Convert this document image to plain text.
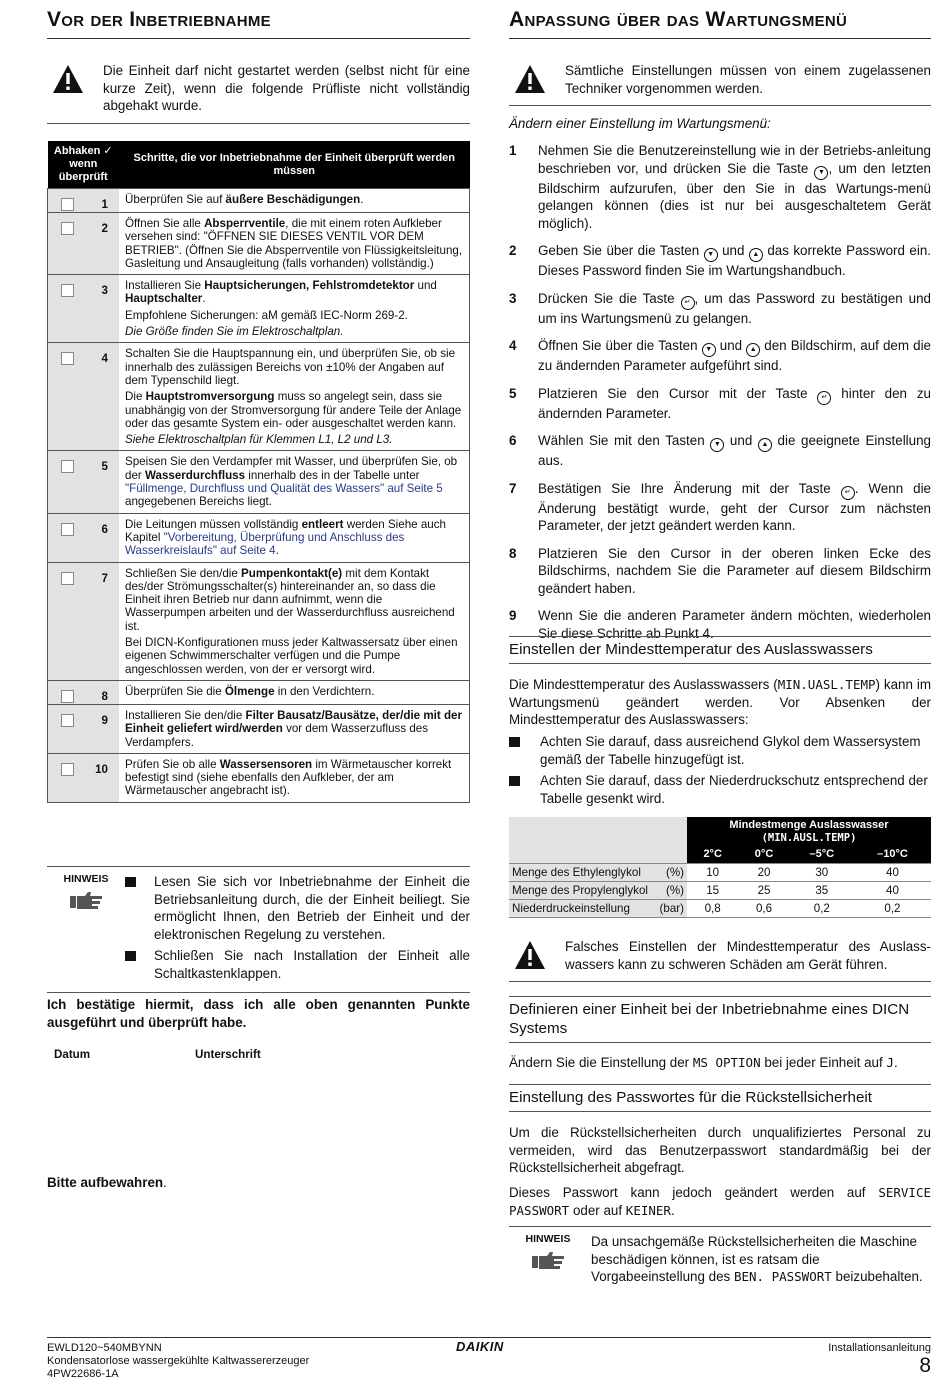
Vor der Inbetriebnahme
Die Einheit darf nicht gestartet werden (selbst nicht für eine kurze Zeit), wenn die folgende Prüfliste nicht vollständig abgehakt wurde.
Abhaken ✓ wenn überprüft	Schritte, die vor Inbetriebnahme der Einheit überprüft werden müssen

1	Überprüfen Sie auf äußere Beschädigungen.

2	Öffnen Sie alle Absperrventile, die mit einem roten Aufkleber versehen sind: "ÖFFNEN SIE DIESES VENTIL VOR DEM BETRIEB". (Öffnen Sie die Absperrventile von Flüssigkeitsleitung, Gasleitung und Ansaugleitung (falls vorhanden) vollständig.)

3	Installieren Sie Hauptsicherungen, Fehlstromdetektor und Hauptschalter.

Empfohlene Sicherungen: aM gemäß IEC-Norm 269-2.

Die Größe finden Sie im Elektroschaltplan.

4	Schalten Sie die Hauptspannung ein, und überprüfen Sie, ob sie innerhalb des zulässigen Bereichs von ±10% der Angaben auf dem Typenschild liegt.

Die Hauptstromversorgung muss so angelegt sein, dass sie unabhängig von der Stromversorgung für andere Teile der Anlage oder das gesamte System ein- oder ausgeschaltet werden kann.

Siehe Elektroschaltplan für Klemmen L1, L2 und L3.

5	Speisen Sie den Verdampfer mit Wasser, und überprüfen Sie, ob der Wasserdurchfluss innerhalb des in der Tabelle unter "Füllmenge, Durchfluss und Qualität des Wassers" auf Seite 5 angegebenen Bereichs liegt.

6	Die Leitungen müssen vollständig entleert werden Siehe auch Kapitel "Vorbereitung, Überprüfung und Anschluss des Wasserkreislaufs" auf Seite 4.

7	Schließen Sie den/die Pumpenkontakt(e) mit dem Kontakt des/der Strömungsschalter(s) hintereinander an, so dass die Einheit ihren Betrieb nur dann aufnimmt, wenn die Wasserpumpen arbeiten und der Wasserdurchfluss ausreichend ist.

Bei DICN-Konfigurationen muss jeder Kaltwassersatz über einen eigenen Schwimmerschalter verfügen und die Pumpe angeschlossen werden, von der er versorgt wird.

8	Überprüfen Sie die Ölmenge in den Verdichtern.

9	Installieren Sie den/die Filter Bausatz/Bausätze, der/die mit der Einheit geliefert wird/werden vor dem Wasserzufluss des Verdampfers.

10	Prüfen Sie ob alle Wassersensoren im Wärmetauscher korrekt befestigt sind (siehe ebenfalls den Aufkleber, der am Wärmetauscher angebracht ist).

HINWEIS	Lesen Sie sich vor Inbetriebnahme der Einheit die Betriebsanleitung durch, die der Einheit beiliegt. Sie ermöglicht Ihnen, den Betrieb der Einheit und der elektronischen Regelung zu verstehen.
Schließen Sie nach Installation der Einheit alle Schaltkastenklappen.
Ich bestätige hiermit, dass ich alle oben genannten Punkte ausgeführt und überprüft habe.
Datum	Unterschrift
Bitte aufbewahren.
Anpassung über das Wartungsmenü
Sämtliche Einstellungen müssen von einem zugelassenen Techniker vorgenommen werden.
Ändern einer Einstellung im Wartungsmenü:
1	Nehmen Sie die Benutzereinstellung wie in der Betriebs-anleitung beschrieben vor, und drücken Sie die Taste ▼ , um den letzten Bildschirm aufzurufen, über den Sie in das Wartungs-menü gelangen können (dies ist nur bei ausgeschaltetem Gerät möglich).
2	Geben Sie über die Tasten ▼ und ▲ das korrekte Password ein. Dieses Password finden Sie im Wartungshandbuch.
3	Drücken Sie die Taste ↵ , um das Password zu bestätigen und um ins Wartungsmenü zu gelangen.
4	Öffnen Sie über die Tasten ▼ und ▲ den Bildschirm, auf dem die zu ändernden Parameter aufgeführt sind.
5	Platzieren Sie den Cursor mit der Taste ↵ hinter den zu ändernden Parameter.
6	Wählen Sie mit den Tasten ▼ und ▲ die geeignete Einstellung aus.
7	Bestätigen Sie Ihre Änderung mit der Taste ↵ . Wenn die Änderung bestätigt wurde, geht der Cursor zum nächsten Parameter, der jetzt geändert werden kann.
8	Platzieren Sie den Cursor in der oberen linken Ecke des Bildschirms, nachdem Sie die Parameter auf diesem Bildschirm geändert haben.
9	Wenn Sie die anderen Parameter ändern möchten, wiederholen Sie diese Schritte ab Punkt 4.
Einstellen der Mindesttemperatur des Auslasswassers
Die Mindesttemperatur des Auslasswassers (MIN.UASL.TEMP) kann im Wartungsmenü geändert werden. Vor Absenken der Mindesttemperatur des Auslasswassers:
Achten Sie darauf, dass ausreichend Glykol dem Wassersystem gemäß der Tabelle hinzugefügt ist.
Achten Sie darauf, dass der Niederdruckschutz entsprechend der Tabelle gesenkt wird.

	Mindestmenge Auslasswasser
(MIN.AUSL.TEMP)			

	2°C	0°C	–5°C	–10°C

Menge des Ethylenglykol (%)	10	20	30	40

Menge des Propylenglykol (%)	15	25	35	40

Niederdruckeinstellung (bar)	0,8	0,6	0,2	0,2
Falsches Einstellen der Mindesttemperatur des Auslass-wassers kann zu schweren Schäden am Gerät führen.
Definieren einer Einheit bei der Inbetriebnahme eines DICN Systems
Ändern Sie die Einstellung der MS OPTION bei jeder Einheit auf J.
Einstellung des Passwortes für die Rückstellsicherheit
Um die Rückstellsicherheiten durch unqualifiziertes Personal zu vermeiden, wird das Benutzerpasswort standardmäßig bei der Rückstellsicherheit abgefragt.
Dieses Passwort kann jedoch geändert werden auf SERVICE PASSWORT oder auf KEINER.
HINWEIS Da unsachgemäße Rückstellsicherheiten die Maschine beschädigen können, ist es ratsam die Vorgabeeinstellung des BEN. PASSWORT beizubehalten.
EWLD120~540MBYNN
Kondensatorlose wassergekühlte Kaltwassererzeuger
4PW22686-1A
DAIKIN	Installationsanleitung
8
